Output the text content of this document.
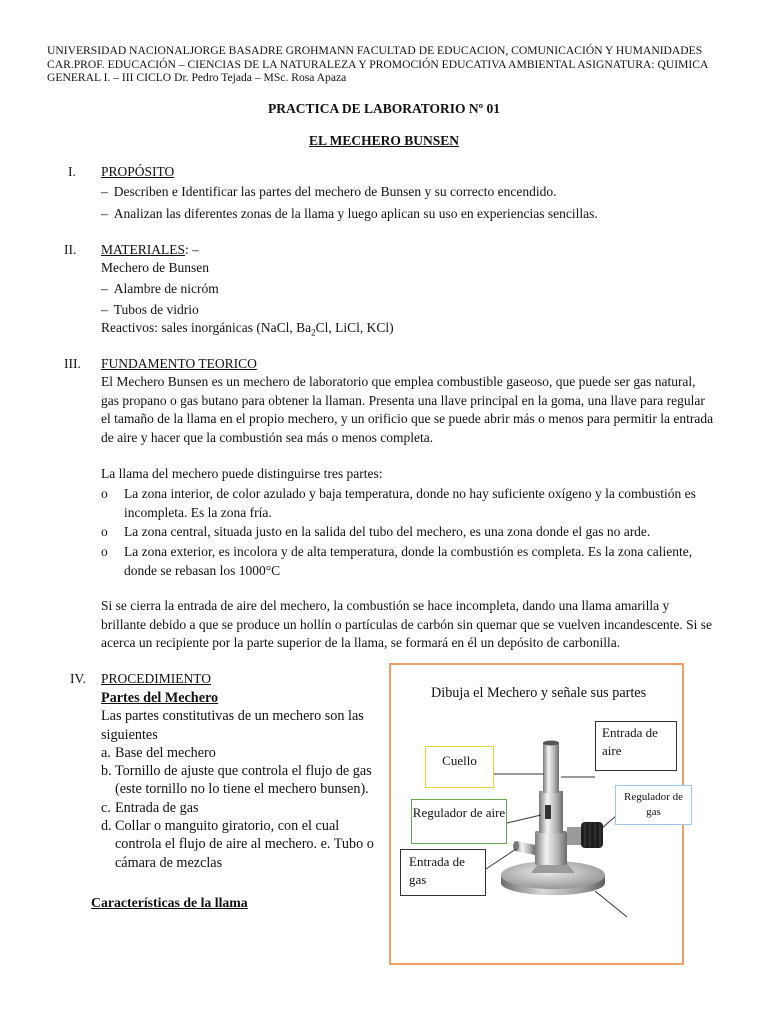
UNIVERSIDAD NACIONALJORGE BASADRE GROHMANN FACULTAD DE EDUCACION, COMUNICACIÓN Y HUMANIDADES CAR.PROF. EDUCACIÓN – CIENCIAS DE LA NATURALEZA Y PROMOCIÓN EDUCATIVA AMBIENTAL ASIGNATURA: QUIMICA GENERAL I. – III CICLO Dr. Pedro Tejada – MSc. Rosa Apaza
PRACTICA DE LABORATORIO Nº 01
EL MECHERO BUNSEN
I. PROPÓSITO
– Describen e Identificar las partes del mechero de Bunsen y su correcto encendido.
– Analizan las diferentes zonas de la llama y luego aplican su uso en experiencias sencillas.
II. MATERIALES: –
Mechero de Bunsen
– Alambre de nicróm
– Tubos de vidrio
Reactivos: sales inorgánicas (NaCl, $Ba_2Cl$, LiCl, KCl)
III. FUNDAMENTO TEORICO
El Mechero Bunsen es un mechero de laboratorio que emplea combustible gaseoso, que puede ser gas natural, gas propano o gas butano para obtener la llaman. Presenta una llave principal en la goma, una llave para regular el tamaño de la llama en el propio mechero, y un orificio que se puede abrir más o menos para permitir la entrada de aire y hacer que la combustión sea más o menos completa.
La llama del mechero puede distinguirse tres partes:
o La zona interior, de color azulado y baja temperatura, donde no hay suficiente oxígeno y la combustión es incompleta. Es la zona fría.
o La zona central, situada justo en la salida del tubo del mechero, es una zona donde el gas no arde.
o La zona exterior, es incolora y de alta temperatura, donde la combustión es completa. Es la zona caliente, donde se rebasan los 1000°C
Si se cierra la entrada de aire del mechero, la combustión se hace incompleta, dando una llama amarilla y brillante debido a que se produce un hollín o partículas de carbón sin quemar que se vuelven incandescente. Si se acerca un recipiente por la parte superior de la llama, se formará en él un depósito de carbonilla.
IV. PROCEDIMIENTO
Partes del Mechero
Las partes constitutivas de un mechero son las siguientes
a. Base del mechero
b. Tornillo de ajuste que controla el flujo de gas (este tornillo no lo tiene el mechero bunsen).
c. Entrada de gas
d. Collar o manguito giratorio, con el cual controla el flujo de aire al mechero. e. Tubo o cámara de mezclas
Características de la llama
Dibuja el Mechero y señale sus partes
Entrada de aire
Cuello
Regulador de gas
Regulador de aire
Entrada de gas
